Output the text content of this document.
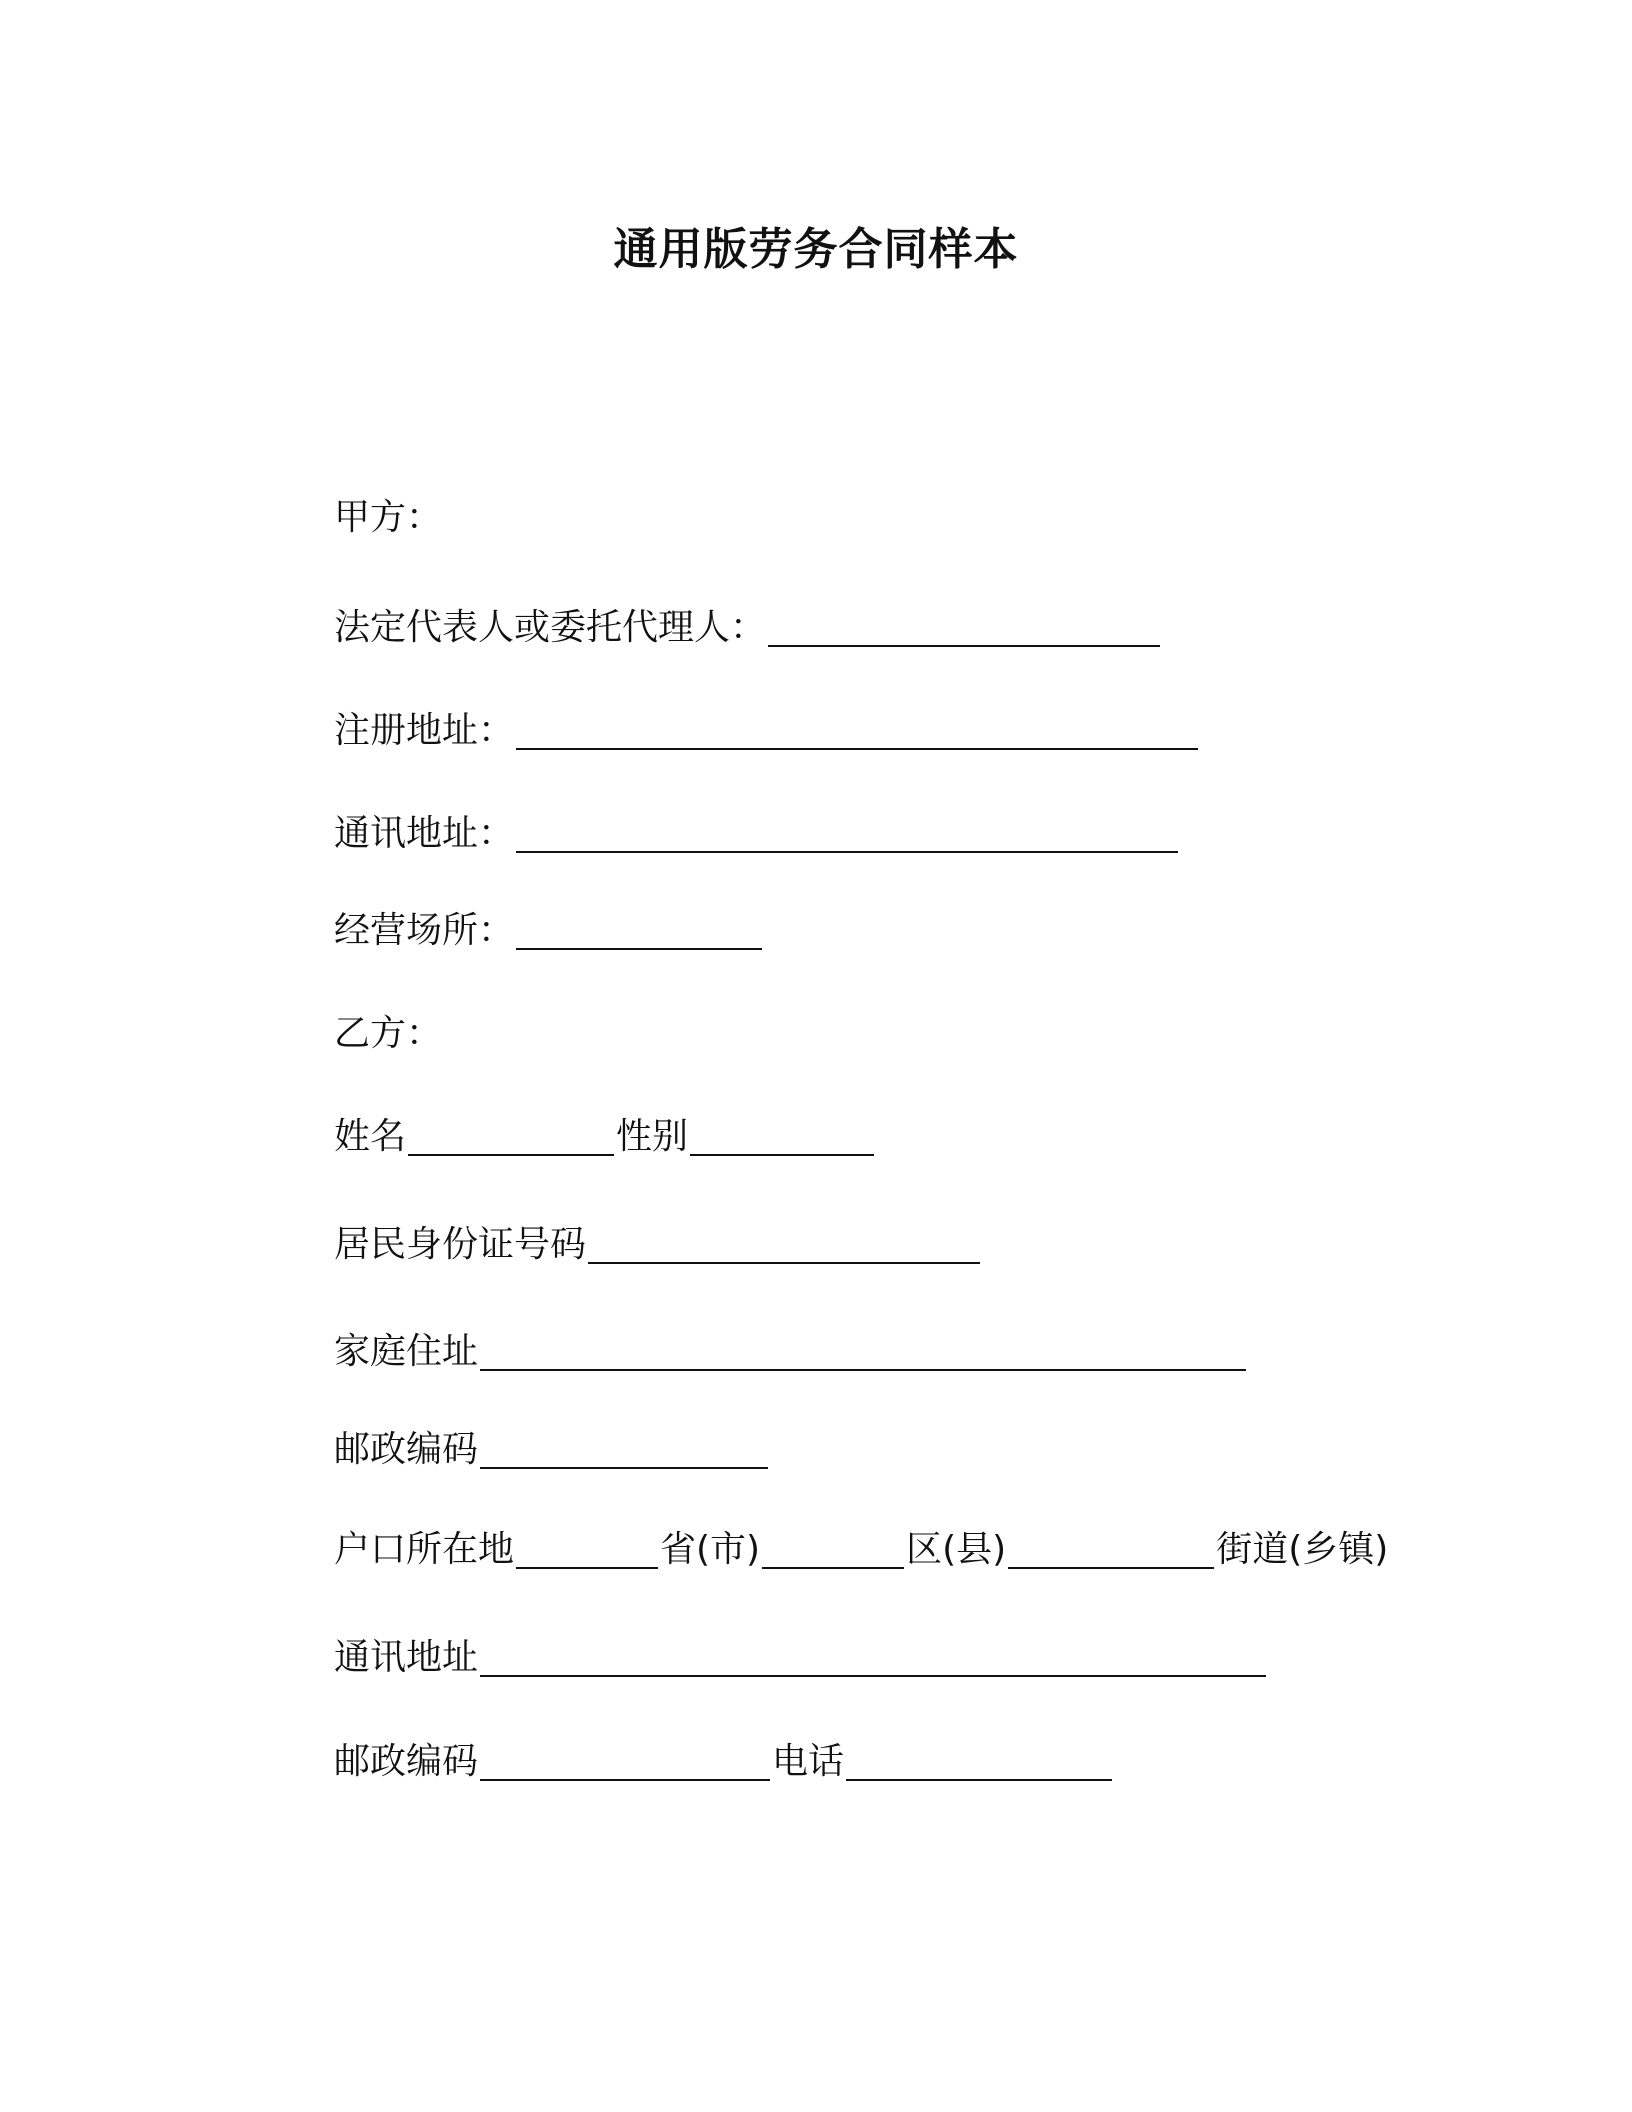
通用版劳务合同样本
甲方：
法定代表人或委托代理人：
注册地址：
通讯地址：
经营场所：
乙方：
姓名	性别
居民身份证号码
家庭住址
邮政编码
户口所在地	省(市)	区(县)	街道(乡镇)
通讯地址
邮政编码	电话
